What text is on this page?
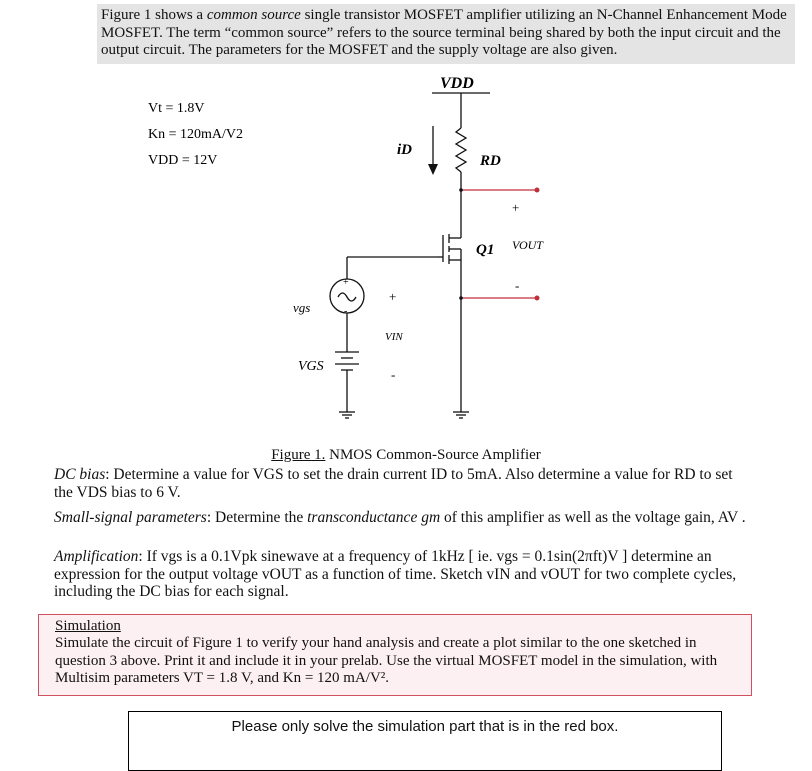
Figure 1 shows a common source single transistor MOSFET amplifier utilizing an N-Channel Enhancement Mode MOSFET. The term “common source” refers to the source terminal being shared by both the input circuit and the output circuit. The parameters for the MOSFET and the supply voltage are also given.
VDD
Vt = 1.8V
Kn = 120mA/V2
VDD = 12V
iD
RD
Q1 VOUT
+
-
vgs
VGS
VIN
+
-
+
-
Figure 1. NMOS Common-Source Amplifier
DC bias: Determine a value for VGS to set the drain current ID to 5mA. Also determine a value for RD to set the VDS bias to 6 V.
Small-signal parameters: Determine the transconductance gm of this amplifier as well as the voltage gain, AV .
Amplification: If vgs is a 0.1Vpk sinewave at a frequency of 1kHz [ ie. vgs = 0.1sin(2πft)V ] determine an expression for the output voltage vOUT as a function of time. Sketch vIN and vOUT for two complete cycles, including the DC bias for each signal.
Simulation
Simulate the circuit of Figure 1 to verify your hand analysis and create a plot similar to the one sketched in question 3 above. Print it and include it in your prelab. Use the virtual MOSFET model in the simulation, with Multisim parameters VT = 1.8 V, and Kn = 120 mA/V².
Please only solve the simulation part that is in the red box.
